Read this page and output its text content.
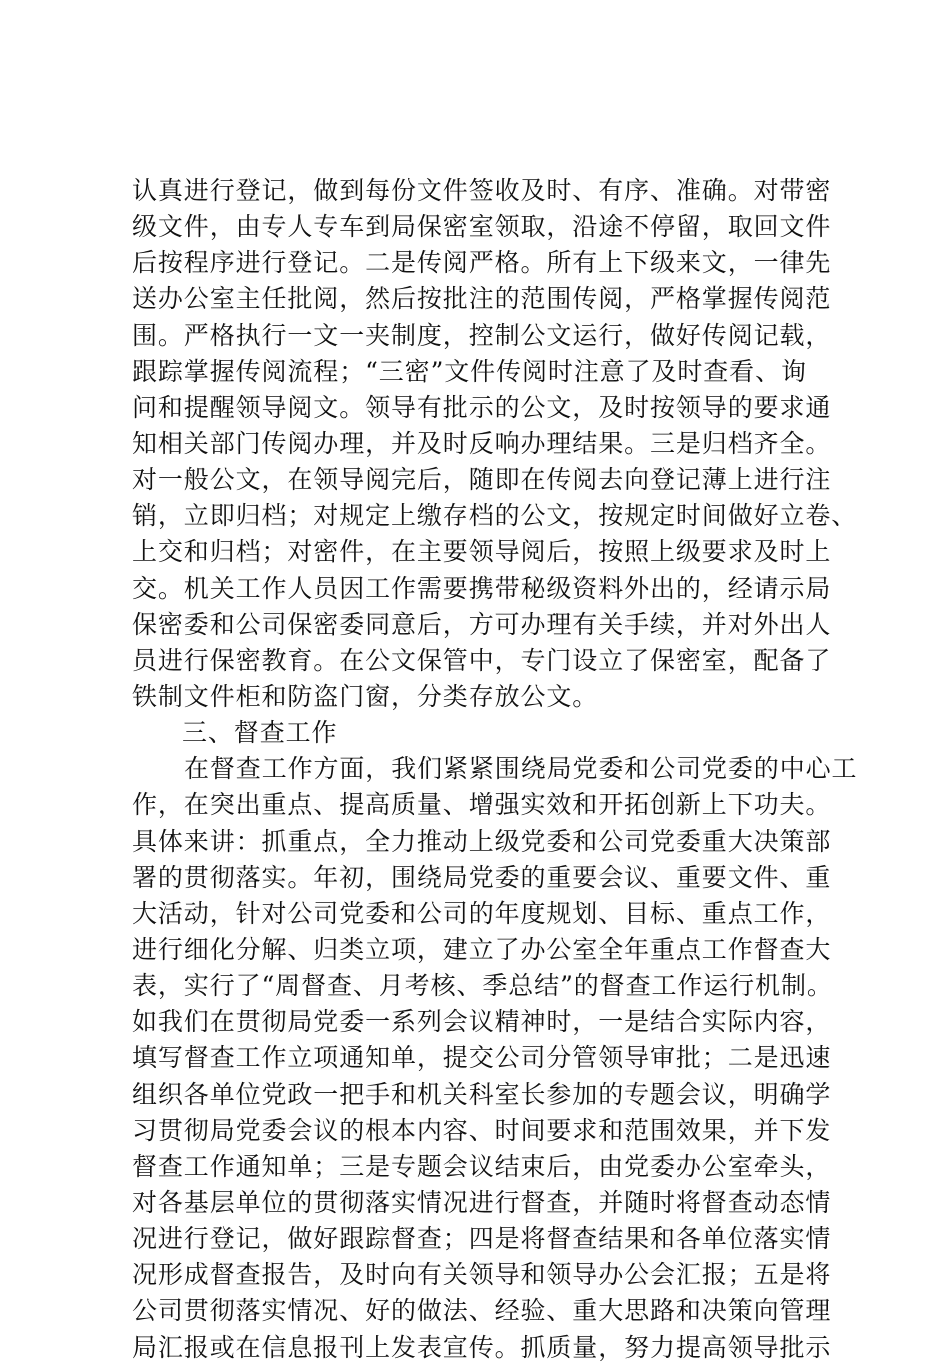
认真进行登记，做到每份文件签收及时、有序、准确。对带密
级文件，由专人专车到局保密室领取，沿途不停留，取回文件
后按程序进行登记。二是传阅严格。所有上下级来文，一律先
送办公室主任批阅，然后按批注的范围传阅，严格掌握传阅范
围。严格执行一文一夹制度，控制公文运行，做好传阅记载，
跟踪掌握传阅流程；“三密”文件传阅时注意了及时查看、询
问和提醒领导阅文。领导有批示的公文，及时按领导的要求通
知相关部门传阅办理，并及时反响办理结果。三是归档齐全。
对一般公文，在领导阅完后，随即在传阅去向登记薄上进行注
销，立即归档；对规定上缴存档的公文，按规定时间做好立卷、
上交和归档；对密件，在主要领导阅后，按照上级要求及时上
交。机关工作人员因工作需要携带秘级资料外出的，经请示局
保密委和公司保密委同意后，方可办理有关手续，并对外出人
员进行保密教育。在公文保管中，专门设立了保密室，配备了
铁制文件柜和防盗门窗，分类存放公文。
三、督查工作
在督查工作方面，我们紧紧围绕局党委和公司党委的中心工
作，在突出重点、提高质量、增强实效和开拓创新上下功夫。
具体来讲：抓重点，全力推动上级党委和公司党委重大决策部
署的贯彻落实。年初，围绕局党委的重要会议、重要文件、重
大活动，针对公司党委和公司的年度规划、目标、重点工作，
进行细化分解、归类立项，建立了办公室全年重点工作督查大
表，实行了“周督查、月考核、季总结”的督查工作运行机制。
如我们在贯彻局党委一系列会议精神时，一是结合实际内容，
填写督查工作立项通知单，提交公司分管领导审批；二是迅速
组织各单位党政一把手和机关科室长参加的专题会议，明确学
习贯彻局党委会议的根本内容、时间要求和范围效果，并下发
督查工作通知单；三是专题会议结束后，由党委办公室牵头，
对各基层单位的贯彻落实情况进行督查，并随时将督查动态情
况进行登记，做好跟踪督查；四是将督查结果和各单位落实情
况形成督查报告，及时向有关领导和领导办公会汇报；五是将
公司贯彻落实情况、好的做法、经验、重大思路和决策向管理
局汇报或在信息报刊上发表宣传。抓质量，努力提高领导批示
